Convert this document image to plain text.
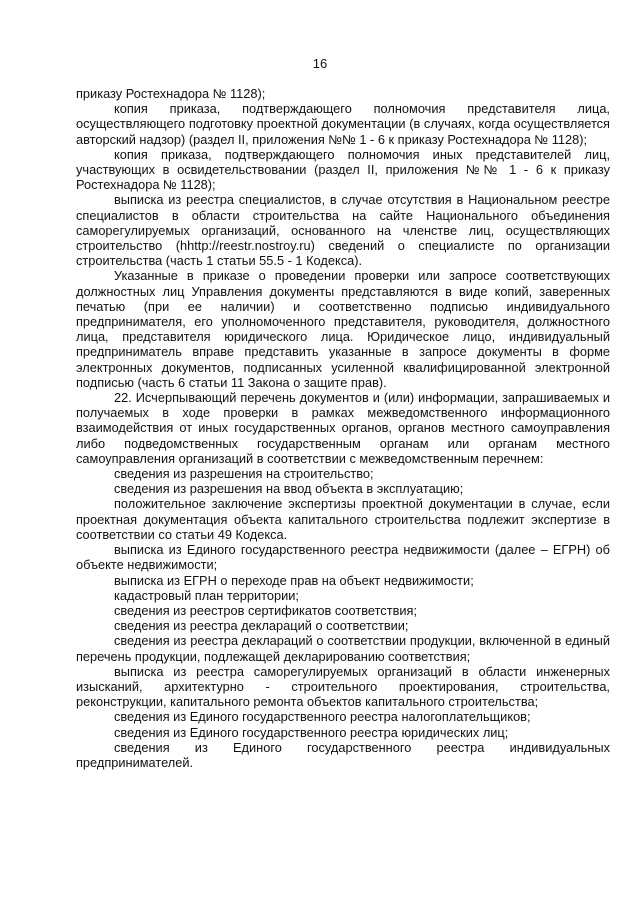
16

приказу Ростехнадора № 1128);

копия приказа, подтверждающего полномочия представителя лица, осуществляющего подготовку проектной документации (в случаях, когда осуществляется авторский надзор) (раздел II, приложения №№ 1 - 6 к приказу Ростехнадора № 1128);

копия приказа, подтверждающего полномочия иных представителей лиц, участвующих в освидетельствовании (раздел II, приложения №№ 1 - 6 к приказу Ростехнадора № 1128);

выписка из реестра специалистов, в случае отсутствия в Национальном реестре специалистов в области строительства на сайте Национального объединения саморегулируемых организаций, основанного на членстве лиц, осуществляющих строительство (hhttp://reestr.nostroy.ru) сведений о специалисте по организации строительства (часть 1 статьи 55.5 - 1 Кодекса).

Указанные в приказе о проведении проверки или запросе соответствующих должностных лиц Управления документы представляются в виде копий, заверенных печатью (при ее наличии) и соответственно подписью индивидуального предпринимателя, его уполномоченного представителя, руководителя, должностного лица, представителя юридического лица. Юридическое лицо, индивидуальный предприниматель вправе представить указанные в запросе документы в форме электронных документов, подписанных усиленной квалифицированной электронной подписью (часть 6 статьи 11 Закона о защите прав).

22. Исчерпывающий перечень документов и (или) информации, запрашиваемых и получаемых в ходе проверки в рамках межведомственного информационного взаимодействия от иных государственных органов, органов местного самоуправления либо подведомственных государственным органам или органам местного самоуправления организаций в соответствии с межведомственным перечнем:

сведения из разрешения на строительство;

сведения из разрешения на ввод объекта в эксплуатацию;

положительное заключение экспертизы проектной документации в случае, если проектная документация объекта капитального строительства подлежит экспертизе в соответствии со статьи 49 Кодекса.

выписка из Единого государственного реестра недвижимости (далее – ЕГРН) об объекте недвижимости;

выписка из ЕГРН о переходе прав на объект недвижимости;

кадастровый план территории;

сведения из реестров сертификатов соответствия;

сведения из реестра деклараций о соответствии;

сведения из реестра деклараций о соответствии продукции, включенной в единый перечень продукции, подлежащей декларированию соответствия;

выписка из реестра саморегулируемых организаций в области инженерных изысканий, архитектурно - строительного проектирования, строительства, реконструкции, капитального ремонта объектов капитального строительства;

сведения из Единого государственного реестра налогоплательщиков;

сведения из Единого государственного реестра юридических лиц;

сведения из Единого государственного реестра индивидуальных предпринимателей.
